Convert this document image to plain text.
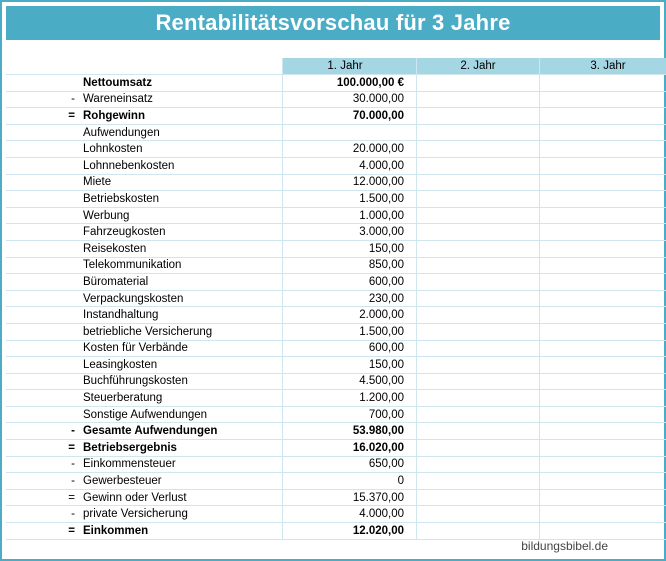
Rentabilitätsvorschau für 3 Jahre
		1. Jahr	2. Jahr	3. Jahr
	Nettoumsatz	100.000,00 €		
-	Wareneinsatz	30.000,00		
=	Rohgewinn	70.000,00		
	Aufwendungen			
	Lohnkosten	20.000,00		
	Lohnnebenkosten	4.000,00		
	Miete	12.000,00		
	Betriebskosten	1.500,00		
	Werbung	1.000,00		
	Fahrzeugkosten	3.000,00		
	Reisekosten	150,00		
	Telekommunikation	850,00		
	Büromaterial	600,00		
	Verpackungskosten	230,00		
	Instandhaltung	2.000,00		
	betriebliche Versicherung	1.500,00		
	Kosten für Verbände	600,00		
	Leasingkosten	150,00		
	Buchführungskosten	4.500,00		
	Steuerberatung	1.200,00		
	Sonstige Aufwendungen	700,00		
-	Gesamte Aufwendungen	53.980,00		
=	Betriebsergebnis	16.020,00		
-	Einkommensteuer	650,00		
-	Gewerbesteuer	0		
=	Gewinn oder Verlust	15.370,00		
-	private Versicherung	4.000,00		
=	Einkommen	12.020,00		
bildungsbibel.de
